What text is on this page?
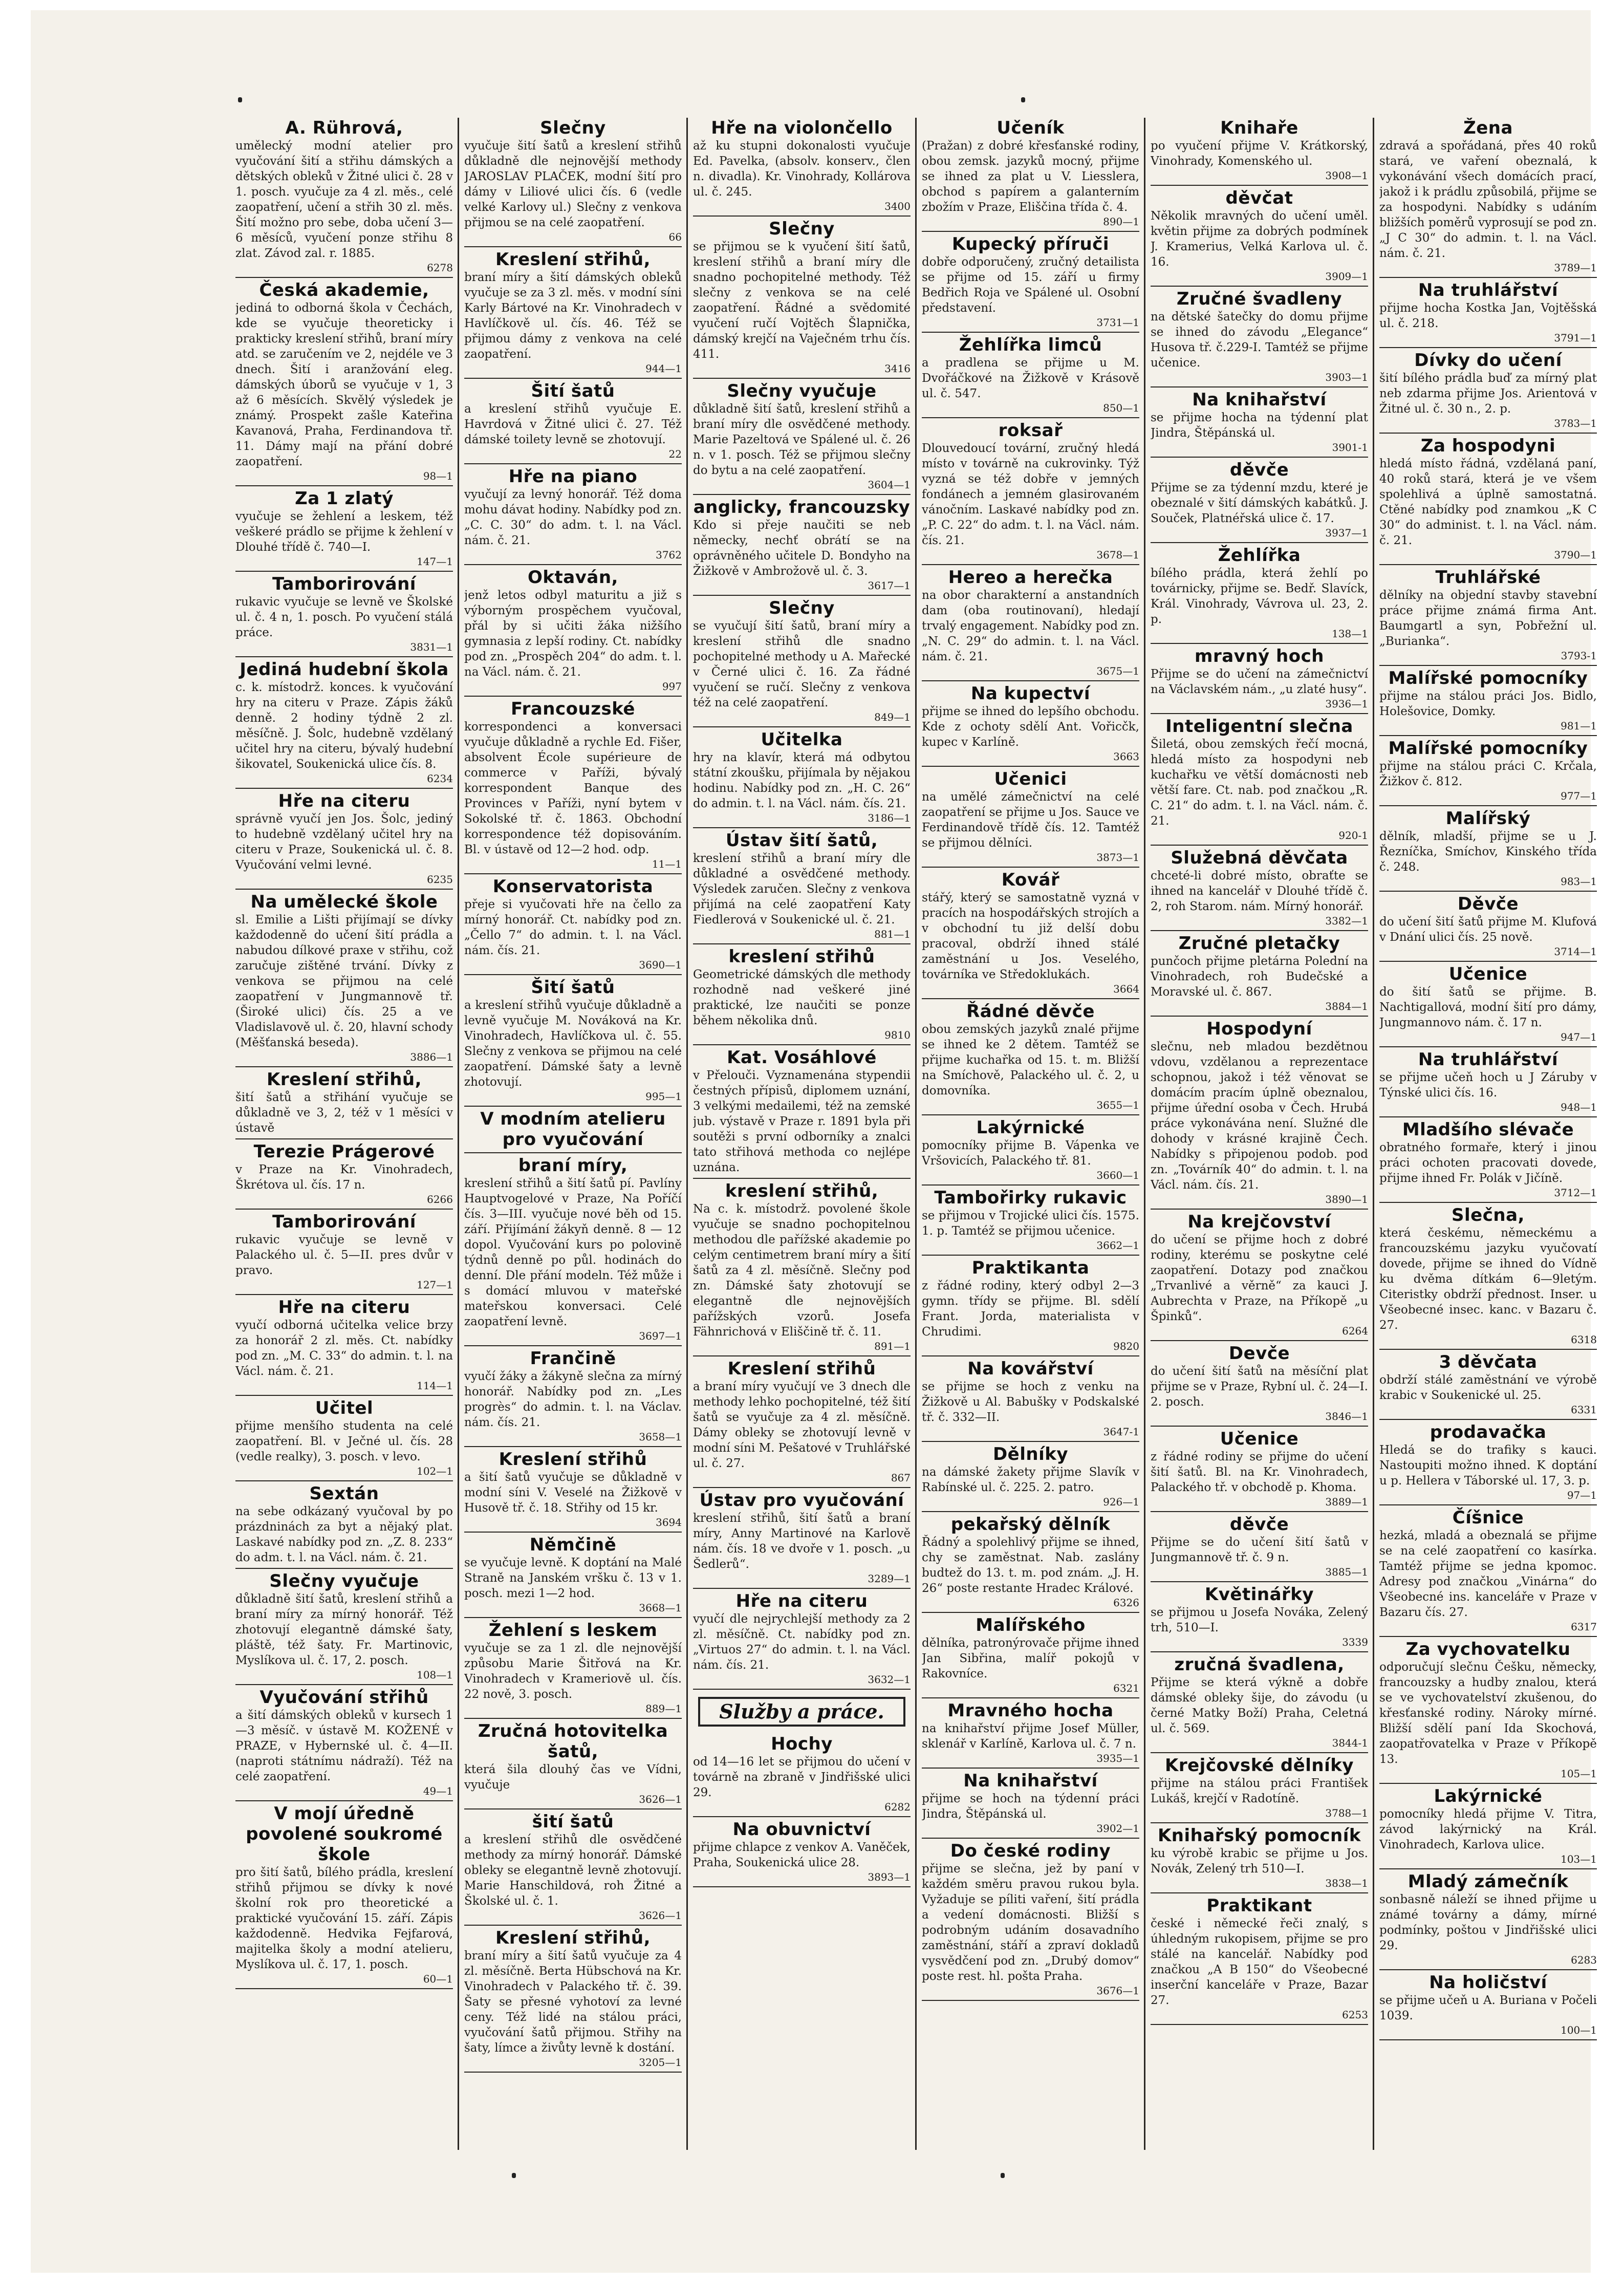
A. Rührová,
umělecký modní atelier pro vyučování šití a střihu dámských a dětských obleků v Žitné ulici č. 28 v 1. posch. vyučuje za 4 zl. měs., celé zaopatření, učení a střih 30 zl. měs. Šití možno pro sebe, doba učení 3—6 měsíců, vyučení ponze střihu 8 zlat. Závod zal. r. 1885.
6278
Česká akademie,
jediná to odborná škola v Čechách, kde se vyučuje theoreticky i prakticky kreslení střihů, braní míry atd. se zaručením ve 2, nejdéle ve 3 dnech. Šití i aranžování eleg. dámských úborů se vyučuje v 1, 3 až 6 měsících. Skvělý výsledek je známý. Prospekt zašle Kateřina Kavanová, Praha, Ferdinandova tř. 11. Dámy mají na přání dobré zaopatření.
98—1
Za 1 zlatý
vyučuje se žehlení a leskem, též veškeré prádlo se přijme k žehlení v Dlouhé třídě č. 740—I.
147—1
Tamborirování
rukavic vyučuje se levně ve Školské ul. č. 4 n, 1. posch. Po vyučení stálá práce.
3831—1
Jediná hudební škola
c. k. místodrž. konces. k vyučování hry na citeru v Praze. Zápis žáků denně. 2 hodiny týdně 2 zl. měsíčně. J. Šolc, hudebně vzdělaný učitel hry na citeru, bývalý hudební šikovatel, Soukenická ulice čís. 8.
6234
Hře na citeru
správně vyučí jen Jos. Šolc, jediný to hudebně vzdělaný učitel hry na citeru v Praze, Soukenická ul. č. 8. Vyučování velmi levné.
6235
Na umělecké škole
sl. Emilie a Lišti přijímají se dívky každodenně do učení šití prádla a nabudou dílkové praxe v střihu, což zaručuje zištěné trvání. Dívky z venkova se přijmou na celé zaopatření v Jungmannově tř. (Široké ulici) čís. 25 a ve Vladislavově ul. č. 20, hlavní schody (Měšťanská beseda).
3886—1
Kreslení střihů,
šití šatů a střihání vyučuje se důkladně ve 3, 2, též v 1 měsíci v ústavě
Terezie Prágerové
v Praze na Kr. Vinohradech, Škrétova ul. čís. 17 n.
6266
Tamborirování
rukavic vyučuje se levně v Palackého ul. č. 5—II. pres dvůr v pravo.
127—1
Hře na citeru
vyučí odborná učitelka velice brzy za honorář 2 zl. měs. Ct. nabídky pod zn. „M. C. 33“ do admin. t. l. na Václ. nám. č. 21.
114—1
Učitel
přijme menšího studenta na celé zaopatření. Bl. v Ječné ul. čís. 28 (vedle realky), 3. posch. v levo.
102—1
Sextán
na sebe odkázaný vyučoval by po prázdninách za byt a nějaký plat. Laskavé nabídky pod zn. „Z. 8. 233“ do adm. t. l. na Václ. nám. č. 21.
Slečny vyučuje
důkladně šití šatů, kreslení střihů a braní míry za mírný honorář. Též zhotovují elegantně dámské šaty, pláště, též šaty. Fr. Martinovic, Myslíkova ul. č. 17, 2. posch.
108—1
Vyučování střihů
a šití dámských obleků v kursech 1—3 měsíč. v ústavě M. KOŽENÉ v PRAZE, v Hybernské ul. č. 4—II. (naproti státnímu nádraží). Též na celé zaopatření.
49—1
V mojí úředně povolené soukromé škole
pro šití šatů, bílého prádla, kreslení střihů přijmou se dívky k nové školní rok pro theoretické a praktické vyučování 15. září. Zápis každodenně. Hedvika Fejfarová, majitelka školy a modní atelieru, Myslíkova ul. č. 17, 1. posch.
60—1
Slečny
vyučuje šití šatů a kreslení střihů důkladně dle nejnovější methody JAROSLAV PLAČEK, modní šití pro dámy v Liliové ulici čís. 6 (vedle velké Karlovy ul.) Slečny z venkova přijmou se na celé zaopatření.
66
Kreslení střihů,
braní míry a šití dámských obleků vyučuje se za 3 zl. měs. v modní síni Karly Bártové na Kr. Vinohradech v Havlíčkově ul. čís. 46. Též se přijmou dámy z venkova na celé zaopatření.
944—1
Šití šatů
a kreslení střihů vyučuje E. Havrdová v Žitné ulici č. 27. Též dámské toilety levně se zhotovují.
22
Hře na piano
vyučují za levný honorář. Též doma mohu dávat hodiny. Nabídky pod zn. „C. C. 30“ do adm. t. l. na Václ. nám. č. 21.
3762
Oktaván,
jenž letos odbyl maturitu a již s výborným prospěchem vyučoval, přál by si učiti žáka nižšího gymnasia z lepší rodiny. Ct. nabídky pod zn. „Prospěch 204“ do adm. t. l. na Václ. nám. č. 21.
997
Francouzské
korrespondenci a konversaci vyučuje důkladně a rychle Ed. Fišer, absolvent École supérieure de commerce v Paříži, bývalý korrespondent Banque des Provinces v Paříži, nyní bytem v Sokolské tř. č. 1863. Obchodní korrespondence též dopisováním. Bl. v ústavě od 12—2 hod. odp.
11—1
Konservatorista
přeje si vyučovati hře na čello za mírný honorář. Ct. nabídky pod zn. „Čello 7“ do admin. t. l. na Václ. nám. čís. 21.
3690—1
Šití šatů
a kreslení střihů vyučuje důkladně a levně vyučuje M. Nováková na Kr. Vinohradech, Havlíčkova ul. č. 55. Slečny z venkova se přijmou na celé zaopatření. Dámské šaty a levně zhotovují.
995—1
V modním atelieru pro vyučování
braní míry,
kreslení střihů a šití šatů pí. Pavlíny Hauptvogelové v Praze, Na Poříčí čís. 3—III. vyučuje nové běh od 15. září. Přijímání žákyň denně. 8 — 12 dopol. Vyučování kurs po polovině týdnů denně po půl. hodinách do denní. Dle přání modeln. Též může i s domácí mluvou v mateřské mateřskou konversaci. Celé zaopatření levně.
3697—1
Frančině
vyučí žáky a žákyně slečna za mírný honorář. Nabídky pod zn. „Les progrès“ do admin. t. l. na Václav. nám. čís. 21.
3658—1
Kreslení střihů
a šití šatů vyučuje se důkladně v modní síni V. Veselé na Žižkově v Husově tř. č. 18. Střihy od 15 kr.
3694
Němčině
se vyučuje levně. K doptání na Malé Straně na Janském vršku č. 13 v 1. posch. mezi 1—2 hod.
3668—1
Žehlení s leskem
vyučuje se za 1 zl. dle nejnovější způsobu Marie Šitřová na Kr. Vinohradech v Krameriově ul. čís. 22 nově, 3. posch.
889—1
Zručná hotovitelka šatů,
která šila dlouhý čas ve Vídni, vyučuje
3626—1
šití šatů
a kreslení střihů dle osvědčené methody za mírný honorář. Dámské obleky se elegantně levně zhotovují. Marie Hanschildová, roh Žitné a Školské ul. č. 1.
3626—1
Kreslení střihů,
braní míry a šití šatů vyučuje za 4 zl. měsíčně. Berta Hübschová na Kr. Vinohradech v Palackého tř. č. 39. Šaty se přesné vyhotoví za levné ceny. Též lidé na stálou práci, vyučování šatů přijmou. Střihy na šaty, límce a živůty levně k dostání.
3205—1
Hře na violončello
až ku stupni dokonalosti vyučuje Ed. Pavelka, (absolv. konserv., člen n. divadla). Kr. Vinohrady, Kollárova ul. č. 245.
3400
Slečny
se přijmou se k vyučení šití šatů, kreslení střihů a braní míry dle snadno pochopitelné methody. Též slečny z venkova se na celé zaopatření. Řádné a svědomité vyučení ručí Vojtěch Šlapnička, dámský krejčí na Vaječném trhu čís. 411.
3416
Slečny vyučuje
důkladně šití šatů, kreslení střihů a braní míry dle osvědčené methody. Marie Pazeltová ve Spálené ul. č. 26 n. v 1. posch. Též se přijmou slečny do bytu a na celé zaopatření.
3604—1
anglicky, francouzsky
Kdo si přeje naučiti se neb německy, nechť obrátí se na oprávněného učitele D. Bondyho na Žižkově v Ambrožově ul. č. 3.
3617—1
Slečny
se vyučují šití šatů, braní míry a kreslení střihů dle snadno pochopitelné methody u A. Mařecké v Černé ulici č. 16. Za řádné vyučení se ručí. Slečny z venkova též na celé zaopatření.
849—1
Učitelka
hry na klavír, která má odbytou státní zkoušku, přijímala by nějakou hodinu. Nabídky pod zn. „H. C. 26“ do admin. t. l. na Václ. nám. čís. 21.
3186—1
Ústav šití šatů,
kreslení střihů a braní míry dle důkladné a osvědčené methody. Výsledek zaručen. Slečny z venkova přijímá na celé zaopatření Katy Fiedlerová v Soukenické ul. č. 21.
881—1
kreslení střihů
Geometrické dámských dle methody rozhodně nad veškeré jiné praktické, lze naučiti se ponze během několika dnů.
9810
Kat. Vosáhlové
v Přelouči. Vyznamenána stypendii čestných přípisů, diplomem uznání, 3 velkými medailemi, též na zemské jub. výstavě v Praze r. 1891 byla při soutěži s první odborníky a znalci tato střihová methoda co nejlépe uznána.
kreslení střihů,
Na c. k. místodrž. povolené škole vyučuje se snadno pochopitelnou methodou dle pařížské akademie po celým centimetrem braní míry a šití šatů za 4 zl. měsíčně. Slečny pod zn. Dámské šaty zhotovují se elegantně dle nejnovějších pařížských vzorů. Josefa Fähnrichová v Eliščině tř. č. 11.
891—1
Kreslení střihů
a braní míry vyučují ve 3 dnech dle methody lehko pochopitelné, též šití šatů se vyučuje za 4 zl. měsíčně. Dámy obleky se zhotovují levně v modní síni M. Pešatové v Truhlářské ul. č. 27.
867
Ústav pro vyučování
kreslení střihů, šití šatů a braní míry, Anny Martinové na Karlově nám. čís. 18 ve dvoře v 1. posch. „u Šedlerů“.
3289—1
Hře na citeru
vyučí dle nejrychlejší methody za 2 zl. měsíčně. Ct. nabídky pod zn. „Virtuos 27“ do admin. t. l. na Václ. nám. čís. 21.
3632—1
Služby a práce.
Hochy
od 14—16 let se přijmou do učení v továrně na zbraně v Jindřišské ulici 29.
6282
Na obuvnictví
přijme chlapce z venkov A. Vaněček, Praha, Soukenická ulice 28.
3893—1
Učeník
(Pražan) z dobré křesťanské rodiny, obou zemsk. jazyků mocný, přijme se ihned za plat u V. Liesslera, obchod s papírem a galanterním zbožím v Praze, Eliščina třída č. 4.
890—1
Kupecký příruči
dobře odporučený, zručný detailista se přijme od 15. září u firmy Bedřich Roja ve Spálené ul. Osobní představení.
3731—1
Žehlířka limců
a pradlena se přijme u M. Dvořáčkové na Žižkově v Krásově ul. č. 547.
850—1
roksař
Dlouvedoucí tovární, zručný hledá místo v továrně na cukrovinky. Týž vyzná se též dobře v jemných fondánech a jemném glasirovaném vánočním. Laskavé nabídky pod zn. „P. C. 22“ do adm. t. l. na Václ. nám. čís. 21.
3678—1
Hereo a herečka
na obor charakterní a anstandních dam (oba routinovaní), hledají trvalý engagement. Nabídky pod zn. „N. C. 29“ do admin. t. l. na Václ. nám. č. 21.
3675—1
Na kupectví
přijme se ihned do lepšího obchodu. Kde z ochoty sdělí Ant. Vořicčk, kupec v Karlíně.
3663
Učenici
na umělé zámečnictví na celé zaopatření se přijme u Jos. Sauce ve Ferdinandově třídě čís. 12. Tamtéž se přijmou dělníci.
3873—1
Kovář
stářý, který se samostatně vyzná v pracích na hospodářských strojích a v obchodní tu již delší dobu pracoval, obdrží ihned stálé zaměstnání u Jos. Veselého, továrníka ve Středoklukách.
3664
Řádné děvče
obou zemských jazyků znalé přijme se ihned ke 2 dětem. Tamtéž se přijme kuchařka od 15. t. m. Bližší na Smíchově, Palackého ul. č. 2, u domovníka.
3655—1
Lakýrnické
pomocníky přijme B. Vápenka ve Vršovicích, Palackého tř. 81.
3660—1
Tambořirky rukavic
se přijmou v Trojické ulici čís. 1575. 1. p. Tamtéž se přijmou učenice.
3662—1
Praktikanta
z řádné rodiny, který odbyl 2—3 gymn. třídy se přijme. Bl. sdělí Frant. Jorda, materialista v Chrudimi.
9820
Na kovářství
se přijme se hoch z venku na Žižkově u Al. Babušky v Podskalské tř. č. 332—II.
3647-1
Dělníky
na dámské žakety přijme Slavík v Rabínské ul. č. 225. 2. patro.
926—1
pekařský dělník
Řádný a spolehlivý přijme se ihned, chy se zaměstnat. Nab. zaslány budtež do 13. t. m. pod znám. „J. H. 26“ poste restante Hradec Králové.
6326
Malířského
dělníka, patronýrovače přijme ihned Jan Sibřina, malíř pokojů v Rakovníce.
6321
Mravného hocha
na knihařství přijme Josef Müller, sklenář v Karlíně, Karlova ul. č. 7 n.
3935—1
Na knihařství
přijme se hoch na týdenní práci Jindra, Štěpánská ul.
3902—1
Do české rodiny
přijme se slečna, jež by paní v každém směru pravou rukou byla. Vyžaduje se píliti vaření, šití prádla a vedení domácnosti. Bližší s podrobným udáním dosavadního zaměstnání, stáří a zpraví dokladů vysvědčení pod zn. „Drubý domov“ poste rest. hl. pošta Praha.
3676—1
Knihaře
po vyučení přijme V. Krátkorský, Vinohrady, Komenského ul.
3908—1
děvčat
Několik mravných do učení uměl. květin přijme za dobrých podmínek J. Kramerius, Velká Karlova ul. č. 16.
3909—1
Zručné švadleny
na dětské šatečky do domu přijme se ihned do závodu „Elegance“ Husova tř. č.229-I. Tamtéž se přijme učenice.
3903—1
Na knihařství
se přijme hocha na týdenní plat Jindra, Štěpánská ul.
3901-1
děvče
Přijme se za týdenní mzdu, které je obeznalé v šití dámských kabátků. J. Souček, Platnéřská ulice č. 17.
3937—1
Žehlířka
bílého prádla, která žehlí po továrnicky, přijme se. Bedř. Slavíck, Král. Vinohrady, Vávrova ul. 23, 2. p.
138—1
mravný hoch
Přijme se do učení na zámečnictví na Václavském nám., „u zlaté husy“.
3936—1
Inteligentní slečna
Šiletá, obou zemských řečí mocná, hledá místo za hospodyni neb kuchařku ve větší domácnosti neb větší fare. Ct. nab. pod značkou „R. C. 21“ do adm. t. l. na Václ. nám. č. 21.
920-1
Služebná děvčata
chceté-li dobré místo, obraťte se ihned na kancelář v Dlouhé třídě č. 2, roh Starom. nám. Mírný honorář.
3382—1
Zručné pletačky
punčoch přijme pletárna Polední na Vinohradech, roh Budečské a Moravské ul. č. 867.
3884—1
Hospodyní
slečnu, neb mladou bezdětnou vdovu, vzdělanou a reprezentace schopnou, jakož i též věnovat se domácím pracím úplně obeznalou, přijme úřední osoba v Čech. Hrubá práce vykonávána není. Služné dle dohody v krásné krajině Čech. Nabídky s připojenou podob. pod zn. „Továrník 40“ do admin. t. l. na Václ. nám. čís. 21.
3890—1
Na krejčovství
do učení se přijme hoch z dobré rodiny, kterému se poskytne celé zaopatření. Dotazy pod značkou „Trvanlivé a věrně“ za kauci J. Aubrechta v Praze, na Příkopě „u Špinků“.
6264
Devče
do učení šití šatů na měsíční plat přijme se v Praze, Rybní ul. č. 24—I. 2. posch.
3846—1
Učenice
z řádné rodiny se přijme do učení šití šatů. Bl. na Kr. Vinohradech, Palackého tř. v obchodě p. Khoma.
3889—1
děvče
Přijme se do učení šití šatů v Jungmannově tř. č. 9 n.
3885—1
Květinářky
se přijmou u Josefa Nováka, Zelený trh, 510—I.
3339
zručná švadlena,
Přijme se která výkně a dobře dámské obleky šije, do závodu (u černé Matky Boží) Praha, Celetná ul. č. 569.
3844-1
Krejčovské dělníky
přijme na stálou práci František Lukáš, krejčí v Radotíně.
3788—1
Knihařský pomocník
ku výrobě krabic se přijme u Jos. Novák, Zelený trh 510—I.
3838—1
Praktikant
české i německé řeči znalý, s úhledným rukopisem, přijme se pro stálé na kancelář. Nabídky pod značkou „A B 150“ do Všeobecné inserční kanceláře v Praze, Bazar 27.
6253
Žena
zdravá a spořádaná, přes 40 roků stará, ve vaření obeznalá, k vykonávání všech domácích prací, jakož i k prádlu způsobilá, přijme se za hospodyni. Nabídky s udáním bližších poměrů vyprosují se pod zn. „J C 30“ do admin. t. l. na Václ. nám. č. 21.
3789—1
Na truhlářství
přijme hocha Kostka Jan, Vojtěšská ul. č. 218.
3791—1
Dívky do učení
šití bílého prádla buď za mírný plat neb zdarma přijme Jos. Arientová v Žitné ul. č. 30 n., 2. p.
3783—1
Za hospodyni
hledá místo řádná, vzdělaná paní, 40 roků stará, která je ve všem spolehlivá a úplně samostatná. Ctěné nabídky pod znamkou „K C 30“ do administ. t. l. na Václ. nám. č. 21.
3790—1
Truhlářské
dělníky na objední stavby stavební práce přijme známá firma Ant. Baumgartl a syn, Pobřežní ul. „Burianka“.
3793-1
Malířské pomocníky
přijme na stálou práci Jos. Bidlo, Holešovice, Domky.
981—1
Malířské pomocníky
přijme na stálou práci C. Krčala, Žižkov č. 812.
977—1
Malířský
dělník, mladší, přijme se u J. Řezníčka, Smíchov, Kinského třída č. 248.
983—1
Děvče
do učení šití šatů přijme M. Klufová v Dnání ulici čís. 25 nově.
3714—1
Učenice
do šití šatů se přijme. B. Nachtigallová, modní šití pro dámy, Jungmannovo nám. č. 17 n.
947—1
Na truhlářství
se přijme učeň hoch u J Záruby v Týnské ulici čís. 16.
948—1
Mladšího slévače
obratného formaře, který i jinou práci ochoten pracovati dovede, přijme ihned Fr. Polák v Jičíně.
3712—1
Slečna,
která českému, německému a francouzskému jazyku vyučovatí dovede, přijme se ihned do Vídně ku dvěma dítkám 6—9letým. Citeristky obdrží přednost. Inser. u Všeobecné insec. kanc. v Bazaru č. 27.
6318
3 děvčata
obdrží stálé zaměstnání ve výrobě krabic v Soukenické ul. 25.
6331
prodavačka
Hledá se do trafiky s kauci. Nastoupiti možno ihned. K doptání u p. Hellera v Táborské ul. 17, 3. p.
97—1
Číšnice
hezká, mladá a obeznalá se přijme se na celé zaopatření co kasírka. Tamtéž přijme se jedna kpomoc. Adresy pod značkou „Vinárna“ do Všeobecné ins. kanceláře v Praze v Bazaru čís. 27.
6317
Za vychovatelku
odporučují slečnu Češku, německy, francouzsky a hudby znalou, která se ve vychovatelství zkušenou, do křesťanské rodiny. Nároky mírné. Bližší sdělí paní Ida Skochová, zaopatřovatelka v Praze v Příkopě 13.
105—1
Lakýrnické
pomocníky hledá přijme V. Titra, závod lakýrnický na Král. Vinohradech, Karlova ulice.
103—1
Mladý zámečník
sonbasně náleží se ihned přijme u známé továrny a dámy, mírné podmínky, poštou v Jindřišské ulici 29.
6283
Na holičství
se přijme učeň u A. Buriana v Počeli 1039.
100—1
